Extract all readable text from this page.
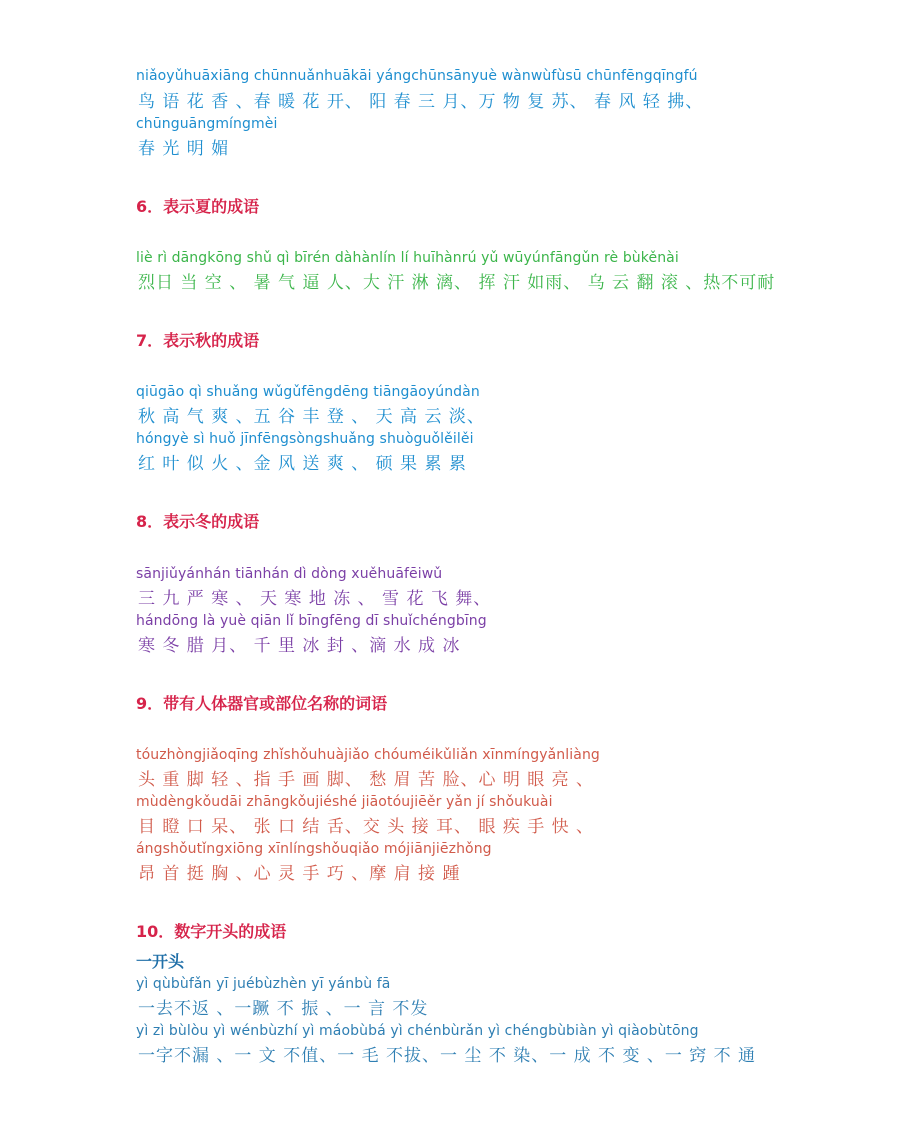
niǎoyǔhuāxiāng chūnnuǎnhuākāi yángchūnsānyuè wànwùfùsū chūnfēngqīngfú
鸟 语 花 香 、春 暖 花 开、 阳 春 三 月、万 物 复 苏、 春 风 轻 拂、
chūnguāngmíngmèi
春 光 明 媚
6．表示夏的成语
liè rì dāngkōng shǔ qì bīrén dàhànlín lí huīhànrú yǔ wūyúnfāngǔn rè bùkěnài
烈日 当 空 、 暑 气 逼 人、大 汗 淋 漓、 挥 汗 如雨、 乌 云 翻 滚 、热不可耐
7．表示秋的成语
qiūgāo qì shuǎng wǔgǔfēngdēng tiāngāoyúndàn
秋 高 气 爽 、五 谷 丰 登 、 天 高 云 淡、
hóngyè sì huǒ jīnfēngsòngshuǎng shuòguǒlěilěi
红 叶 似 火 、金 风 送 爽 、 硕 果 累 累
8．表示冬的成语
sānjiǔyánhán tiānhán dì dòng xuěhuāfēiwǔ
三 九 严 寒 、 天 寒 地 冻 、 雪 花 飞 舞、
hándōng là yuè qiān lǐ bīngfēng dī shuǐchéngbīng
寒 冬 腊 月、 千 里 冰 封 、滴 水 成 冰
9．带有人体器官或部位名称的词语
tóuzhòngjiǎoqīng zhǐshǒuhuàjiǎo chóuméikǔliǎn xīnmíngyǎnliàng
头 重 脚 轻 、指 手 画 脚、 愁 眉 苦 脸、心 明 眼 亮 、
mùdèngkǒudāi zhāngkǒujiéshé jiāotóujiēěr yǎn jí shǒukuài
目 瞪 口 呆、 张 口 结 舌、交 头 接 耳、 眼 疾 手 快 、
ángshǒutǐngxiōng xīnlíngshǒuqiǎo mójiānjiēzhǒng
昂 首 挺 胸 、心 灵 手 巧 、摩 肩 接 踵
10．数字开头的成语
一开头
yì qùbùfǎn yī juébùzhèn yī yánbù fā
一去不返 、一蹶 不 振 、一 言 不发
yì zì bùlòu yì wénbùzhí yì máobùbá yì chénbùrǎn yì chéngbùbiàn yì qiàobùtōng
一字不漏 、一 文 不值、一 毛 不拔、一 尘 不 染、一 成 不 变 、一 窍 不 通
